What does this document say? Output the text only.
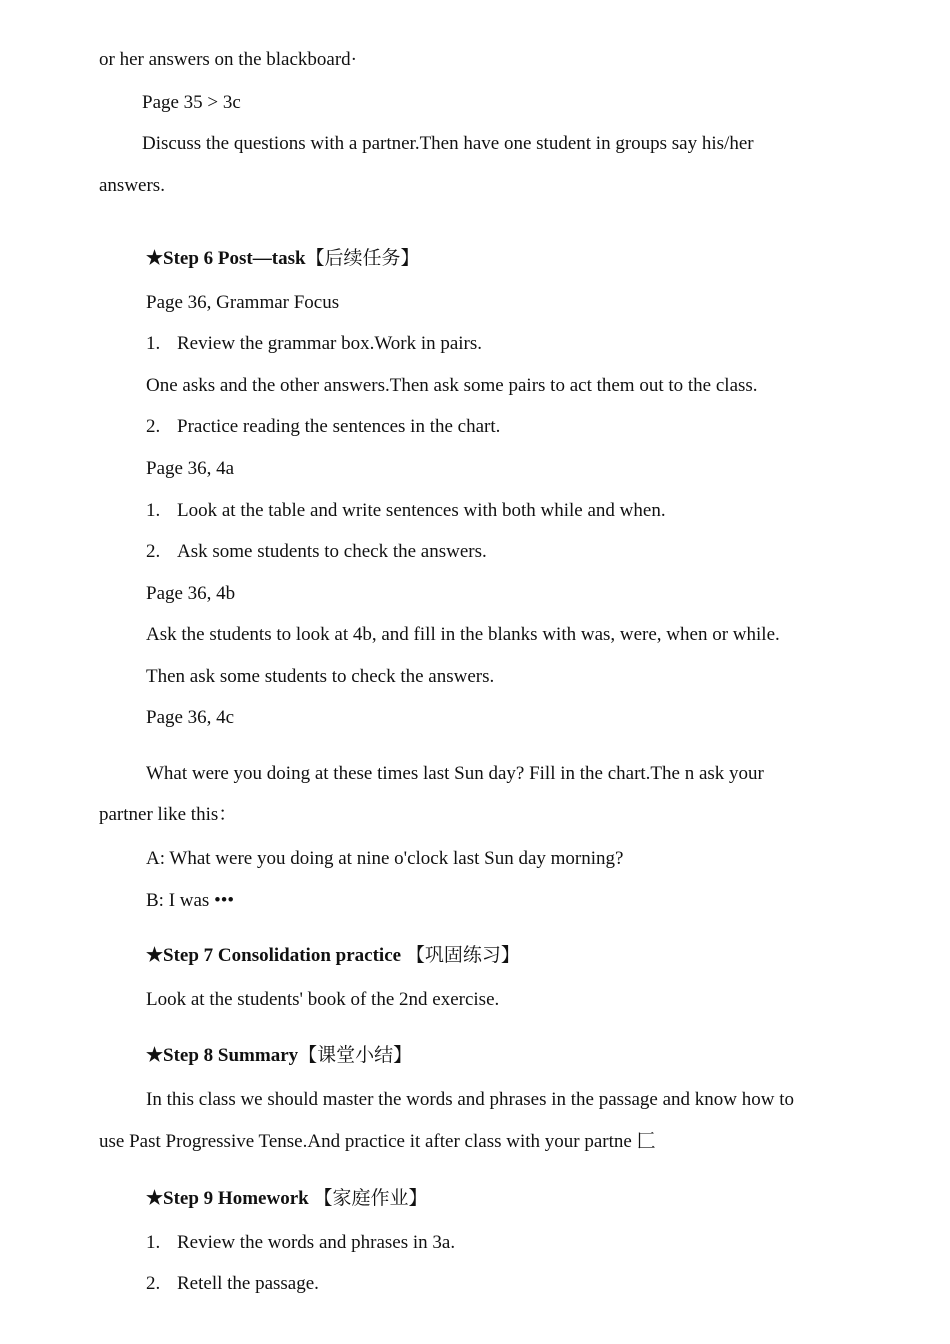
or her answers on the blackboard·
Page 35 > 3c
Discuss the questions with a partner.Then have one student in groups say his/her
answers.
★Step 6 Post—task【后续任务】
Page 36, Grammar Focus
1. Review the grammar box.Work in pairs.
One asks and the other answers.Then ask some pairs to act them out to the class.
2. Practice reading the sentences in the chart.
Page 36, 4a
1. Look at the table and write sentences with both while and when.
2. Ask some students to check the answers.
Page 36, 4b
Ask the students to look at 4b, and fill in the blanks with was, were, when or while.
Then ask some students to check the answers.
Page 36, 4c
What were you doing at these times last Sun day? Fill in the chart.The n ask your
partner like this：
A: What were you doing at nine o'clock last Sun day morning?
B: I was •••
★Step 7 Consolidation practice 【巩固练习】
Look at the students' book of the 2nd exercise.
★Step 8 Summary【课堂小结】
In this class we should master the words and phrases in the passage and know how to
use Past Progressive Tense.And practice it after class with your partne 匚
★Step 9 Homework 【家庭作业】
1. Review the words and phrases in 3a.
2. Retell the passage.
